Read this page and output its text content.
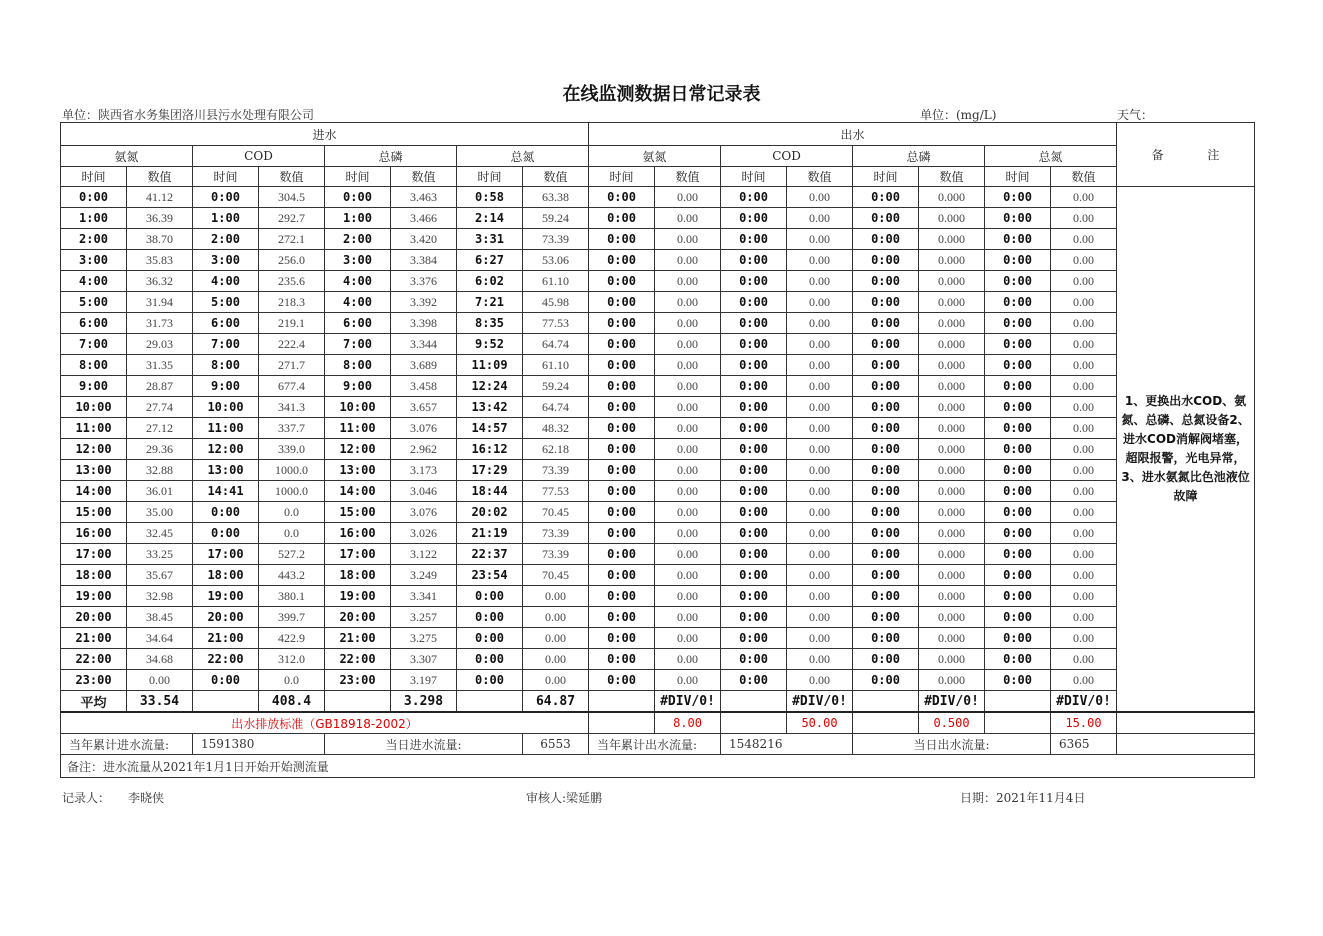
在线监测数据日常记录表
单位：陕西省水务集团洛川县污水处理有限公司	单位：(mg/L)	天气：
进水								出水								备 注
氨氮		COD		总磷		总氮		氨氮		COD		总磷		总氮		
时间	数值	时间	数值	时间	数值	时间	数值	时间	数值	时间	数值	时间	数值	时间	数值	
0:00	41.12	0:00	304.5	0:00	3.463	0:58	63.38	0:00	0.00	0:00	0.00	0:00	0.000	0:00	0.00	1、更换出水COD、氨氮、总磷、总氮设备2、进水COD消解阀堵塞，超限报警，光电异常，3、进水氨氮比色池液位故障
1:00	36.39	1:00	292.7	1:00	3.466	2:14	59.24	0:00	0.00	0:00	0.00	0:00	0.000	0:00	0.00	
2:00	38.70	2:00	272.1	2:00	3.420	3:31	73.39	0:00	0.00	0:00	0.00	0:00	0.000	0:00	0.00	
3:00	35.83	3:00	256.0	3:00	3.384	6:27	53.06	0:00	0.00	0:00	0.00	0:00	0.000	0:00	0.00	
4:00	36.32	4:00	235.6	4:00	3.376	6:02	61.10	0:00	0.00	0:00	0.00	0:00	0.000	0:00	0.00	
5:00	31.94	5:00	218.3	4:00	3.392	7:21	45.98	0:00	0.00	0:00	0.00	0:00	0.000	0:00	0.00	
6:00	31.73	6:00	219.1	6:00	3.398	8:35	77.53	0:00	0.00	0:00	0.00	0:00	0.000	0:00	0.00	
7:00	29.03	7:00	222.4	7:00	3.344	9:52	64.74	0:00	0.00	0:00	0.00	0:00	0.000	0:00	0.00	
8:00	31.35	8:00	271.7	8:00	3.689	11:09	61.10	0:00	0.00	0:00	0.00	0:00	0.000	0:00	0.00	
9:00	28.87	9:00	677.4	9:00	3.458	12:24	59.24	0:00	0.00	0:00	0.00	0:00	0.000	0:00	0.00	
10:00	27.74	10:00	341.3	10:00	3.657	13:42	64.74	0:00	0.00	0:00	0.00	0:00	0.000	0:00	0.00	
11:00	27.12	11:00	337.7	11:00	3.076	14:57	48.32	0:00	0.00	0:00	0.00	0:00	0.000	0:00	0.00	
12:00	29.36	12:00	339.0	12:00	2.962	16:12	62.18	0:00	0.00	0:00	0.00	0:00	0.000	0:00	0.00	
13:00	32.88	13:00	1000.0	13:00	3.173	17:29	73.39	0:00	0.00	0:00	0.00	0:00	0.000	0:00	0.00	
14:00	36.01	14:41	1000.0	14:00	3.046	18:44	77.53	0:00	0.00	0:00	0.00	0:00	0.000	0:00	0.00	
15:00	35.00	0:00	0.0	15:00	3.076	20:02	70.45	0:00	0.00	0:00	0.00	0:00	0.000	0:00	0.00	
16:00	32.45	0:00	0.0	16:00	3.026	21:19	73.39	0:00	0.00	0:00	0.00	0:00	0.000	0:00	0.00	
17:00	33.25	17:00	527.2	17:00	3.122	22:37	73.39	0:00	0.00	0:00	0.00	0:00	0.000	0:00	0.00	
18:00	35.67	18:00	443.2	18:00	3.249	23:54	70.45	0:00	0.00	0:00	0.00	0:00	0.000	0:00	0.00	
19:00	32.98	19:00	380.1	19:00	3.341	0:00	0.00	0:00	0.00	0:00	0.00	0:00	0.000	0:00	0.00	
20:00	38.45	20:00	399.7	20:00	3.257	0:00	0.00	0:00	0.00	0:00	0.00	0:00	0.000	0:00	0.00	
21:00	34.64	21:00	422.9	21:00	3.275	0:00	0.00	0:00	0.00	0:00	0.00	0:00	0.000	0:00	0.00	
22:00	34.68	22:00	312.0	22:00	3.307	0:00	0.00	0:00	0.00	0:00	0.00	0:00	0.000	0:00	0.00	
23:00	0.00	0:00	0.0	23:00	3.197	0:00	0.00	0:00	0.00	0:00	0.00	0:00	0.000	0:00	0.00	
平均	33.54		408.4		3.298		64.87		#DIV/0!		#DIV/0!		#DIV/0!		#DIV/0!	
出水排放标准（GB18918-2002）									8.00		50.00		0.500		15.00	
当年累计进水流量:		1591380		当日进水流量:			6553	当年累计出水流量:		1548216		当日出水流量:			6365	
备注：进水流量从2021年1月1日开始开始测流量																
记录人： 李晓侠	审核人:梁延鹏	日期：2021年11月4日
